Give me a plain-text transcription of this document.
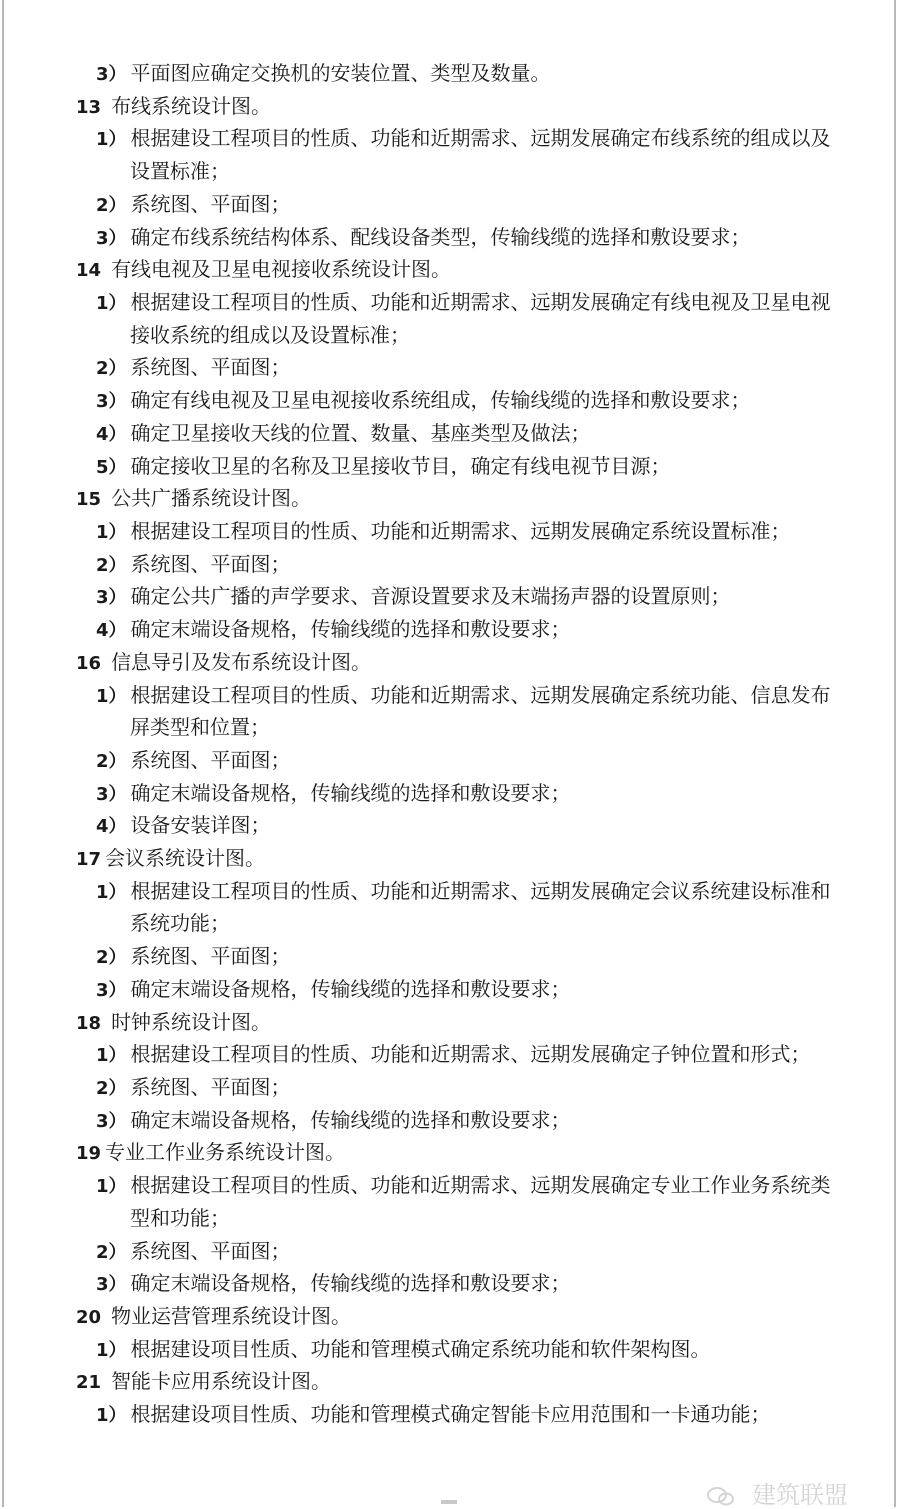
3） 平面图应确定交换机的安装位置、类型及数量。
13 布线系统设计图。
1） 根据建设工程项目的性质、功能和近期需求、远期发展确定布线系统的组成以及
设置标准；
2） 系统图、平面图；
3） 确定布线系统结构体系、配线设备类型，传输线缆的选择和敷设要求；
14 有线电视及卫星电视接收系统设计图。
1） 根据建设工程项目的性质、功能和近期需求、远期发展确定有线电视及卫星电视
接收系统的组成以及设置标准；
2） 系统图、平面图；
3） 确定有线电视及卫星电视接收系统组成，传输线缆的选择和敷设要求；
4） 确定卫星接收天线的位置、数量、基座类型及做法；
5） 确定接收卫星的名称及卫星接收节目，确定有线电视节目源；
15 公共广播系统设计图。
1） 根据建设工程项目的性质、功能和近期需求、远期发展确定系统设置标准；
2） 系统图、平面图；
3） 确定公共广播的声学要求、音源设置要求及末端扬声器的设置原则；
4） 确定末端设备规格，传输线缆的选择和敷设要求；
16 信息导引及发布系统设计图。
1） 根据建设工程项目的性质、功能和近期需求、远期发展确定系统功能、信息发布
屏类型和位置；
2） 系统图、平面图；
3） 确定末端设备规格，传输线缆的选择和敷设要求；
4） 设备安装详图；
17 会议系统设计图。
1） 根据建设工程项目的性质、功能和近期需求、远期发展确定会议系统建设标准和
系统功能；
2） 系统图、平面图；
3） 确定末端设备规格，传输线缆的选择和敷设要求；
18 时钟系统设计图。
1） 根据建设工程项目的性质、功能和近期需求、远期发展确定子钟位置和形式；
2） 系统图、平面图；
3） 确定末端设备规格，传输线缆的选择和敷设要求；
19 专业工作业务系统设计图。
1） 根据建设工程项目的性质、功能和近期需求、远期发展确定专业工作业务系统类
型和功能；
2） 系统图、平面图；
3） 确定末端设备规格，传输线缆的选择和敷设要求；
20 物业运营管理系统设计图。
1） 根据建设项目性质、功能和管理模式确定系统功能和软件架构图。
21 智能卡应用系统设计图。
1） 根据建设项目性质、功能和管理模式确定智能卡应用范围和一卡通功能；
建筑联盟
